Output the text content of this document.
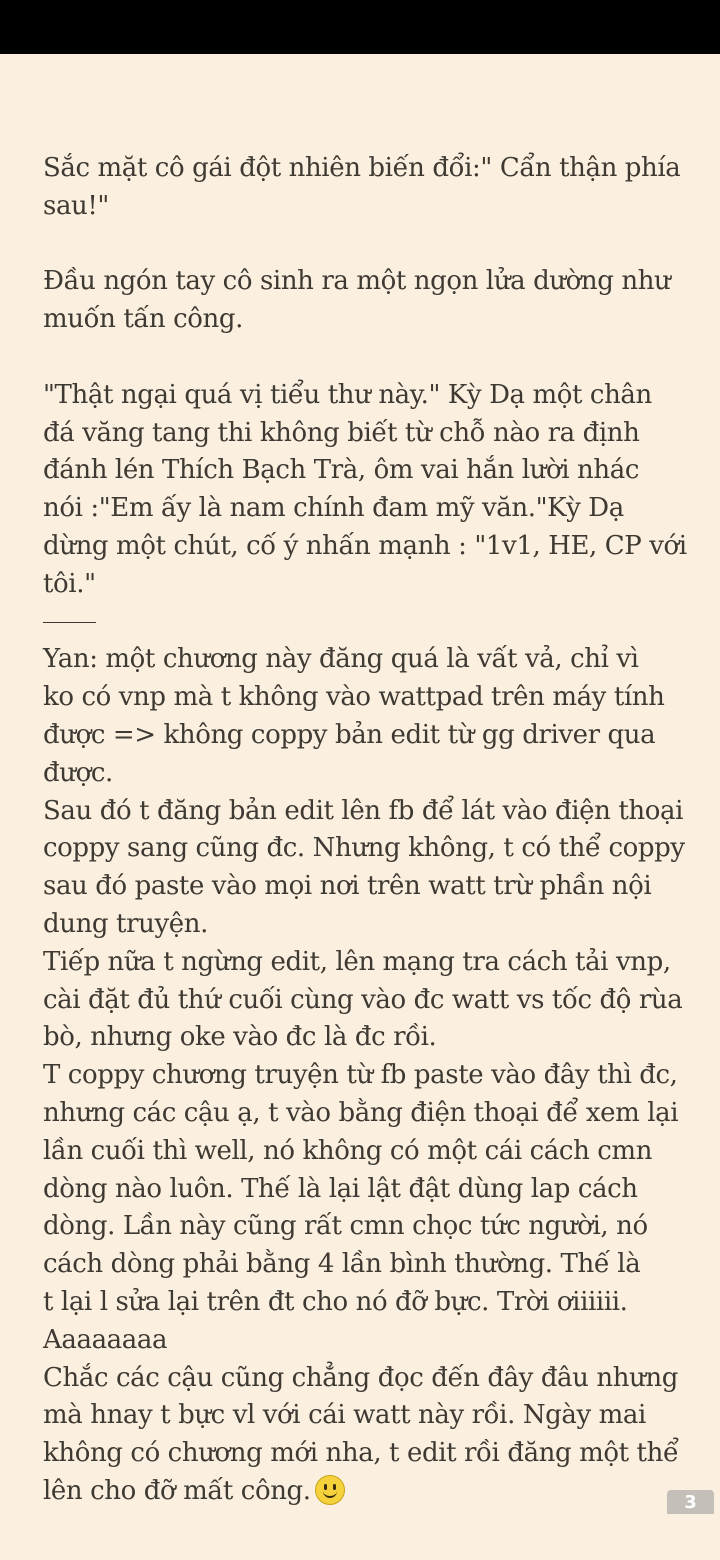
Sắc mặt cô gái đột nhiên biến đổi:" Cẩn thận phía
sau!"
Đầu ngón tay cô sinh ra một ngọn lửa dường như
muốn tấn công.
"Thật ngại quá vị tiểu thư này." Kỳ Dạ một chân
đá văng tang thi không biết từ chỗ nào ra định
đánh lén Thích Bạch Trà, ôm vai hắn lười nhác
nói :"Em ấy là nam chính đam mỹ văn."Kỳ Dạ
dừng một chút, cố ý nhấn mạnh : "1v1, HE, CP với
tôi."
Yan: một chương này đăng quá là vất vả, chỉ vì
ko có vnp mà t không vào wattpad trên máy tính
được => không coppy bản edit từ gg driver qua
được.
Sau đó t đăng bản edit lên fb để lát vào điện thoại
coppy sang cũng đc. Nhưng không, t có thể coppy
sau đó paste vào mọi nơi trên watt trừ phần nội
dung truyện.
Tiếp nữa t ngừng edit, lên mạng tra cách tải vnp,
cài đặt đủ thứ cuối cùng vào đc watt vs tốc độ rùa
bò, nhưng oke vào đc là đc rồi.
T coppy chương truyện từ fb paste vào đây thì đc,
nhưng các cậu ạ, t vào bằng điện thoại để xem lại
lần cuối thì well, nó không có một cái cách cmn
dòng nào luôn. Thế là lại lật đật dùng lap cách
dòng. Lần này cũng rất cmn chọc tức người, nó
cách dòng phải bằng 4 lần bình thường. Thế là
t lại l sửa lại trên đt cho nó đỡ bực. Trời ơiiiiii.
Aaaaaaaa
Chắc các cậu cũng chẳng đọc đến đây đâu nhưng
mà hnay t bực vl với cái watt này rồi. Ngày mai
không có chương mới nha, t edit rồi đăng một thể
lên cho đỡ mất công.	3
